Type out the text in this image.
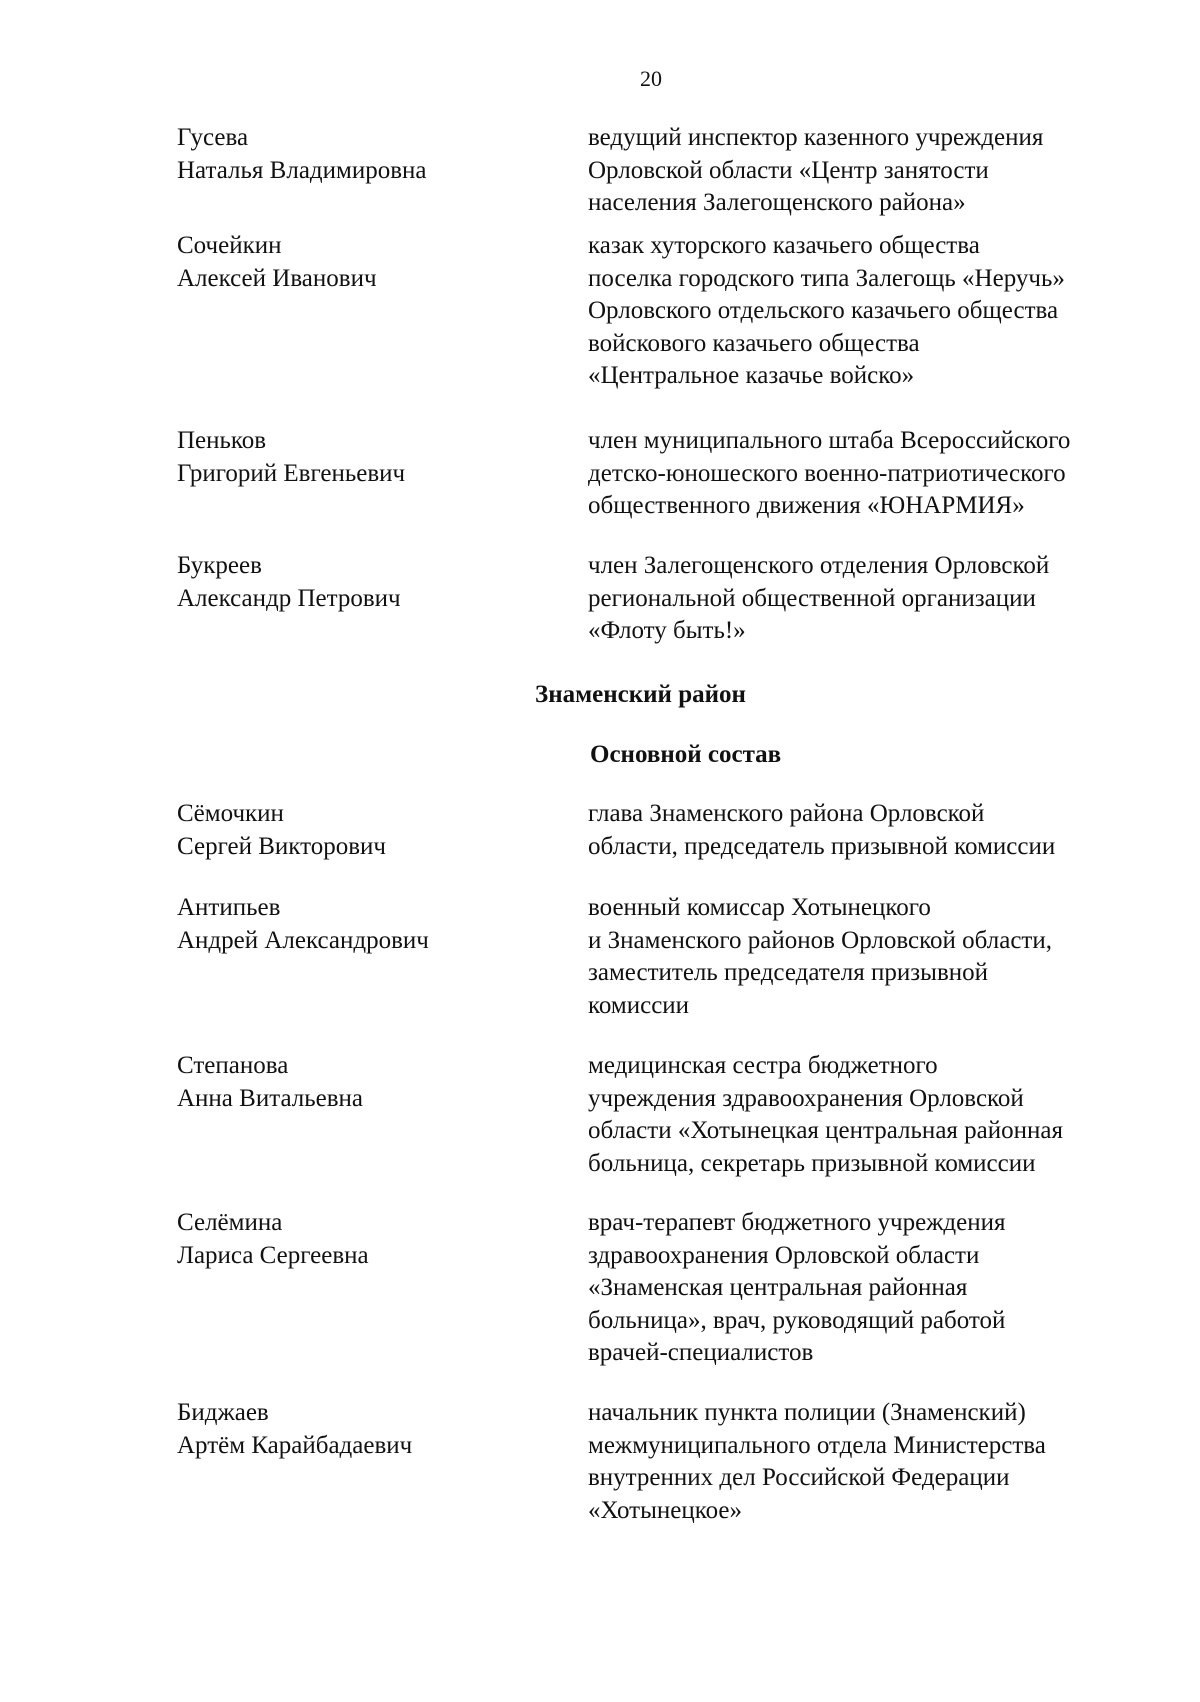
20
Гусева
Наталья Владимировна
ведущий инспектор казенного учреждения
Орловской области «Центр занятости
населения Залегощенского района»
Сочейкин
Алексей Иванович
казак хуторского казачьего общества
поселка городского типа Залегощь «Неручь»
Орловского отдельского казачьего общества
войскового казачьего общества
«Центральное казачье войско»
Пеньков
Григорий Евгеньевич
член муниципального штаба Всероссийского
детско-юношеского военно-патриотического
общественного движения «ЮНАРМИЯ»
Букреев
Александр Петрович
член Залегощенского отделения Орловской
региональной общественной организации
«Флоту быть!»
Знаменский район
Основной состав
Сёмочкин
Сергей Викторович
глава Знаменского района Орловской
области, председатель призывной комиссии
Антипьев
Андрей Александрович
военный комиссар Хотынецкого
и Знаменского районов Орловской области,
заместитель председателя призывной
комиссии
Степанова
Анна Витальевна
медицинская сестра бюджетного
учреждения здравоохранения Орловской
области «Хотынецкая центральная районная
больница, секретарь призывной комиссии
Селёмина
Лариса Сергеевна
врач-терапевт бюджетного учреждения
здравоохранения Орловской области
«Знаменская центральная районная
больница», врач, руководящий работой
врачей-специалистов
Биджаев
Артём Карайбадаевич
начальник пункта полиции (Знаменский)
межмуниципального отдела Министерства
внутренних дел Российской Федерации
«Хотынецкое»
